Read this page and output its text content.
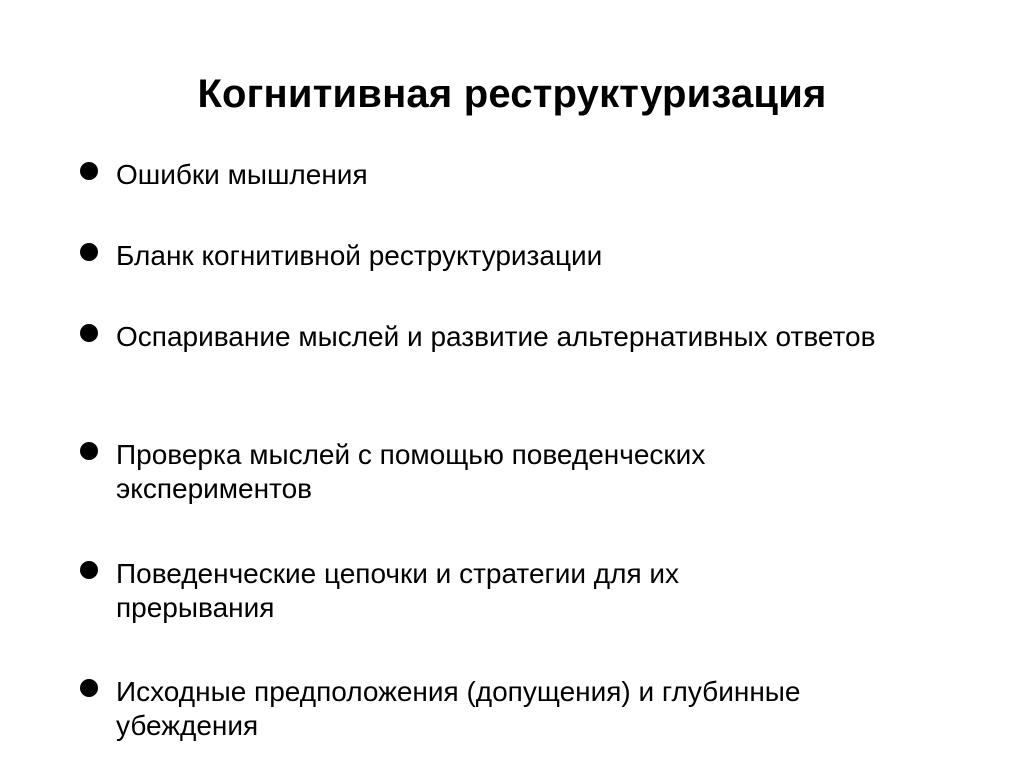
Когнитивная реструктуризация
Ошибки мышления
Бланк когнитивной реструктуризации
Оспаривание мыслей и развитие альтернативных ответов
Проверка мыслей с помощью поведенческих экспериментов
Поведенческие цепочки и стратегии для их прерывания
Исходные предположения (допущения) и глубинные убеждения
